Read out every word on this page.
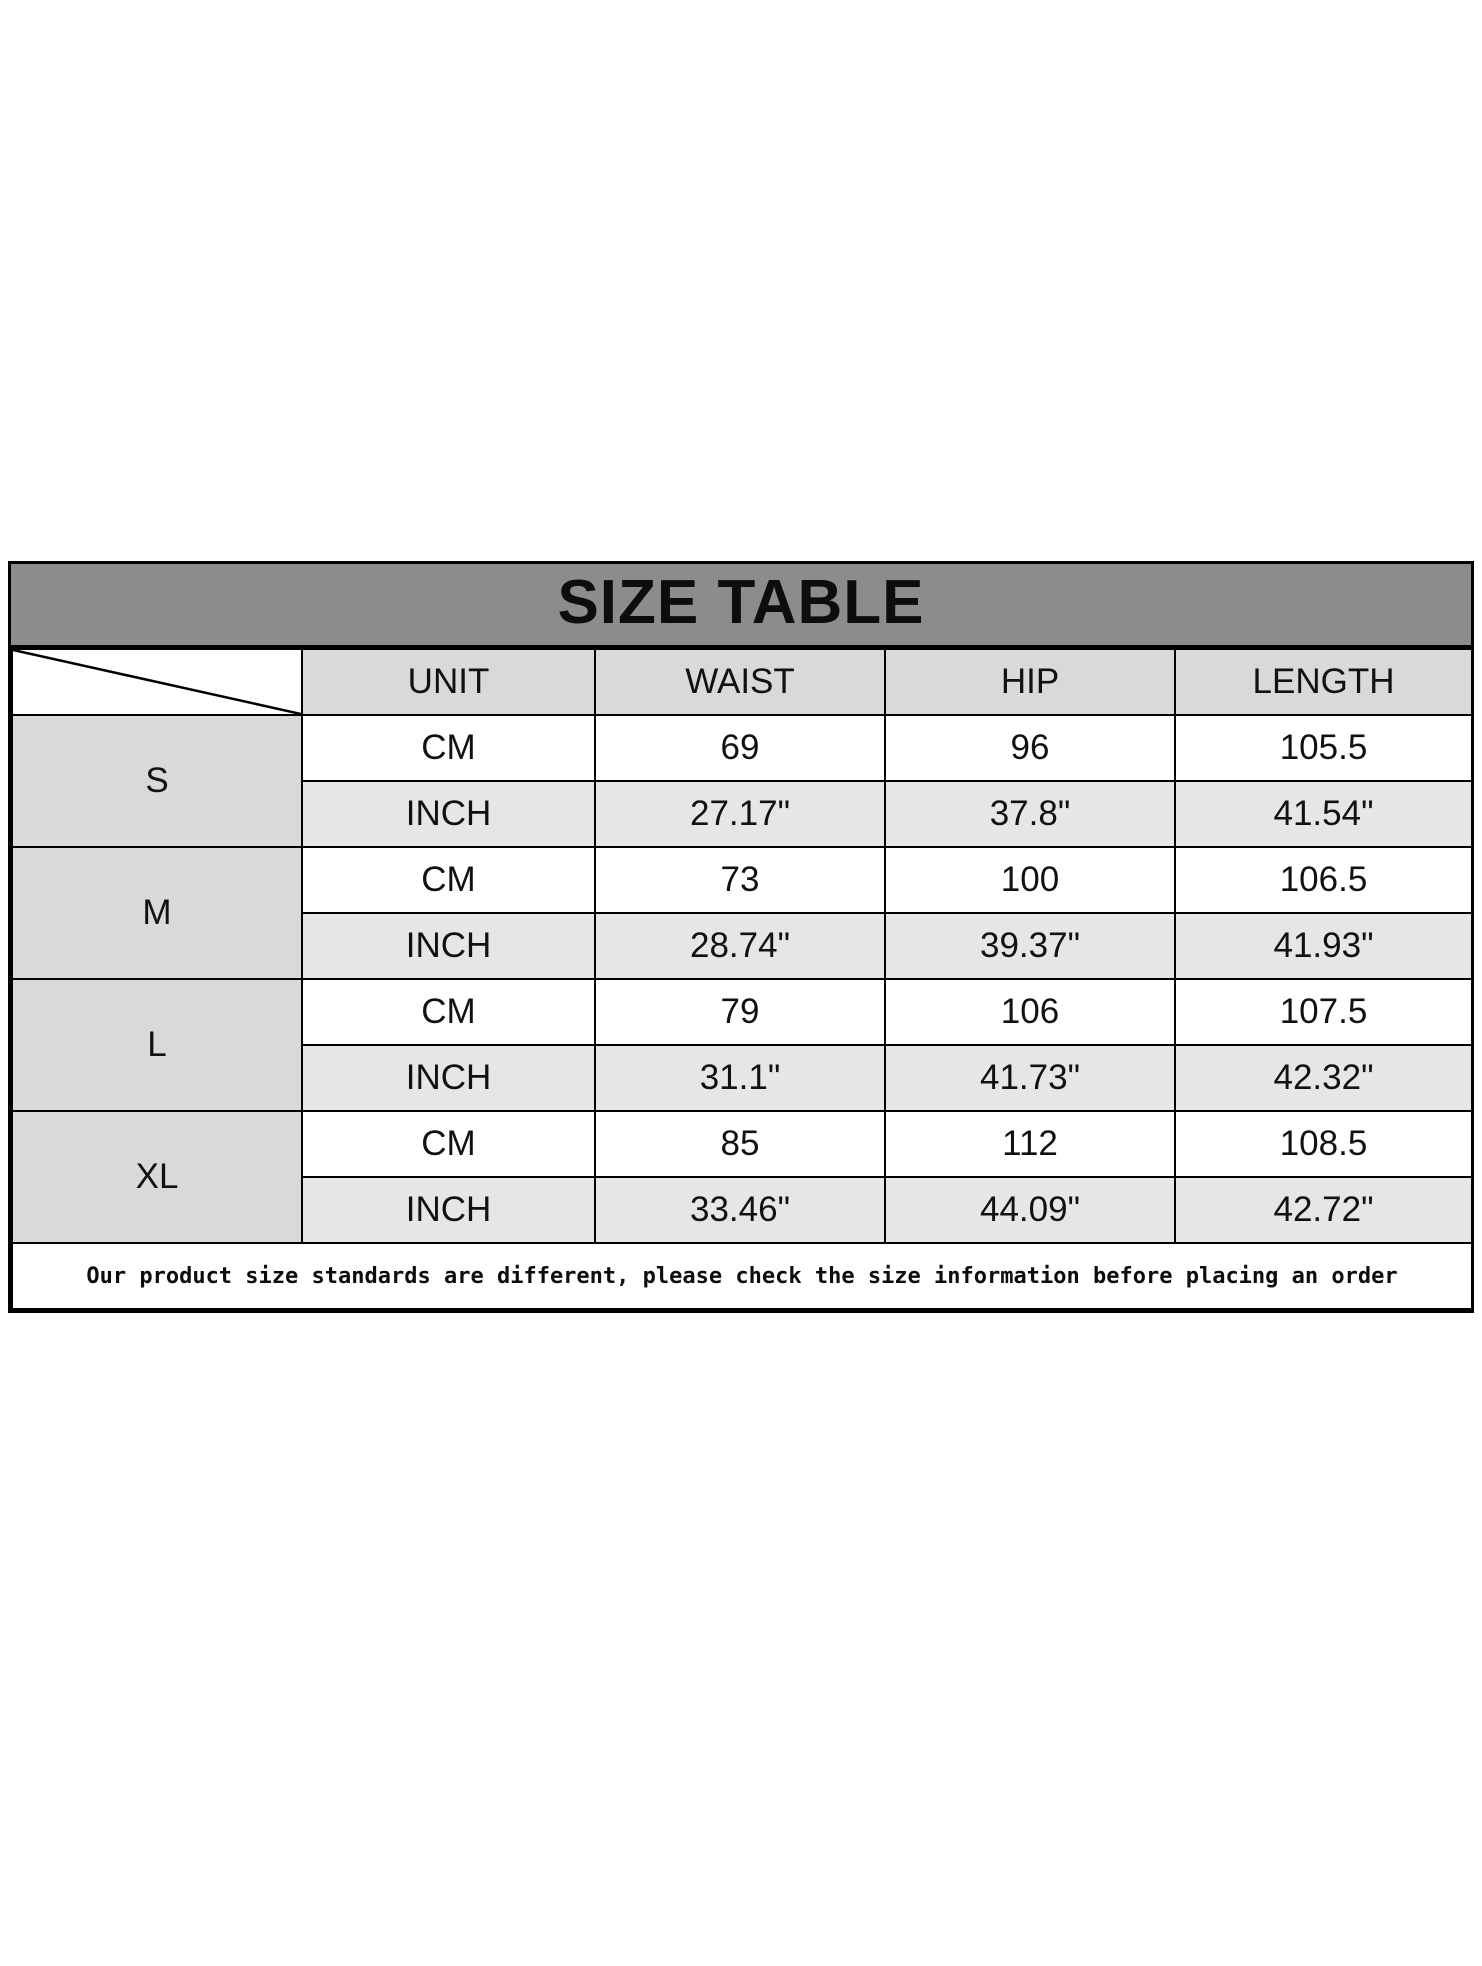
SIZE TABLE
	UNIT	WAIST	HIP	LENGTH
S	CM	69	96	105.5
	INCH	27.17"	37.8"	41.54"
M	CM	73	100	106.5
	INCH	28.74"	39.37"	41.93"
L	CM	79	106	107.5
	INCH	31.1"	41.73"	42.32"
XL	CM	85	112	108.5
	INCH	33.46"	44.09"	42.72"

Our product size standards are different, please check the size information before placing an order				
